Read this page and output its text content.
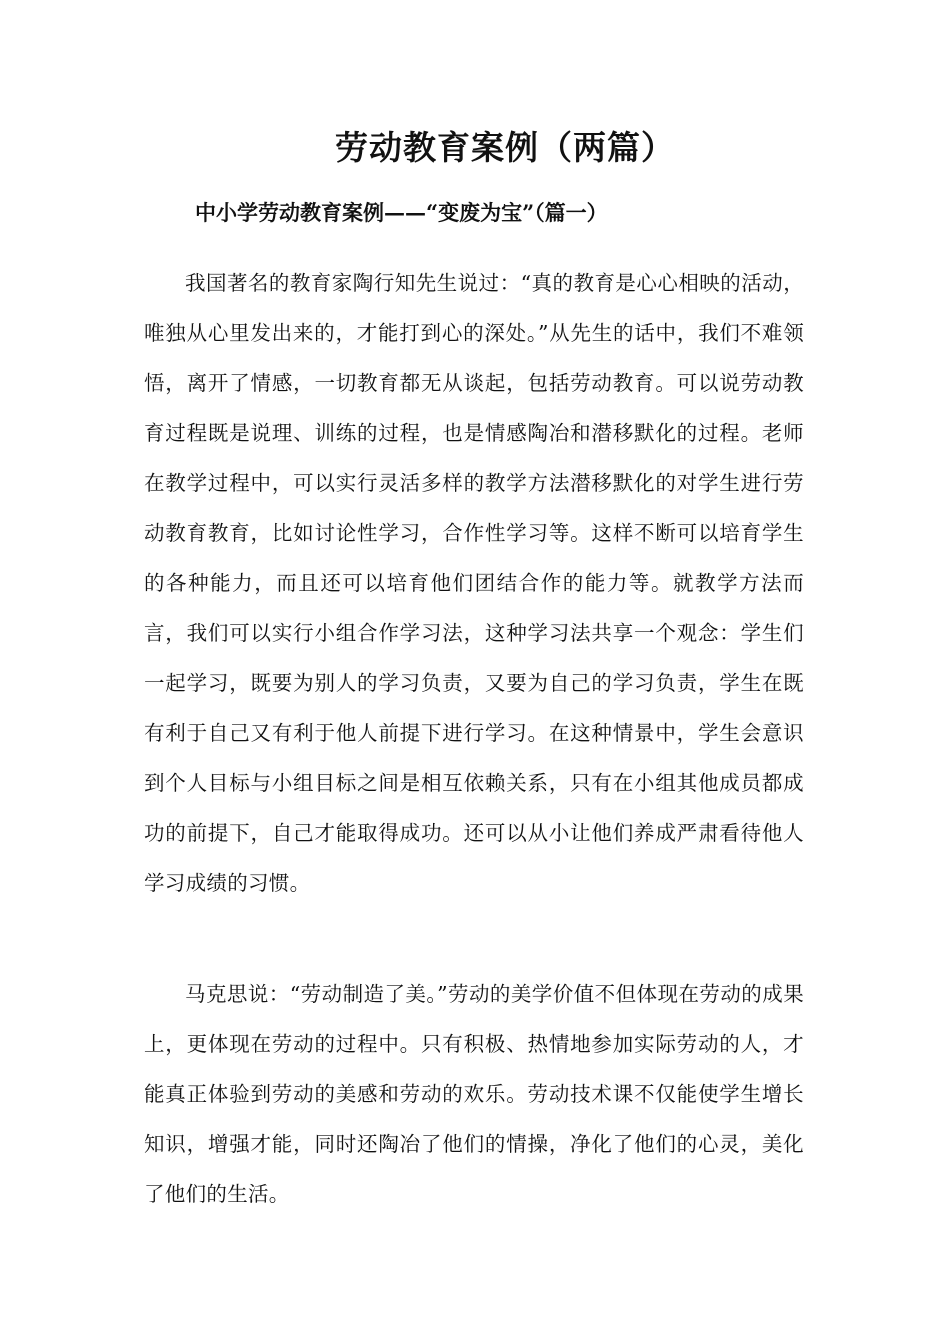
劳动教育案例（两篇）
中小学劳动教育案例——“变废为宝”（篇一）

我国著名的教育家陶行知先生说过：“真的教育是心心相映的活动，唯独从心里发出来的，才能打到心的深处。”从先生的话中，我们不难领悟，离开了情感，一切教育都无从谈起，包括劳动教育。可以说劳动教育过程既是说理、训练的过程，也是情感陶冶和潜移默化的过程。老师在教学过程中，可以实行灵活多样的教学方法潜移默化的对学生进行劳动教育教育，比如讨论性学习，合作性学习等。这样不断可以培育学生的各种能力，而且还可以培育他们团结合作的能力等。就教学方法而言，我们可以实行小组合作学习法，这种学习法共享一个观念：学生们一起学习，既要为别人的学习负责，又要为自己的学习负责，学生在既有利于自己又有利于他人前提下进行学习。在这种情景中，学生会意识到个人目标与小组目标之间是相互依赖关系，只有在小组其他成员都成功的前提下，自己才能取得成功。还可以从小让他们养成严肃看待他人学习成绩的习惯。

马克思说：“劳动制造了美。”劳动的美学价值不但体现在劳动的成果上，更体现在劳动的过程中。只有积极、热情地参加实际劳动的人，才能真正体验到劳动的美感和劳动的欢乐。劳动技术课不仅能使学生增长知识，增强才能，同时还陶冶了他们的情操，净化了他们的心灵，美化了他们的生活。
